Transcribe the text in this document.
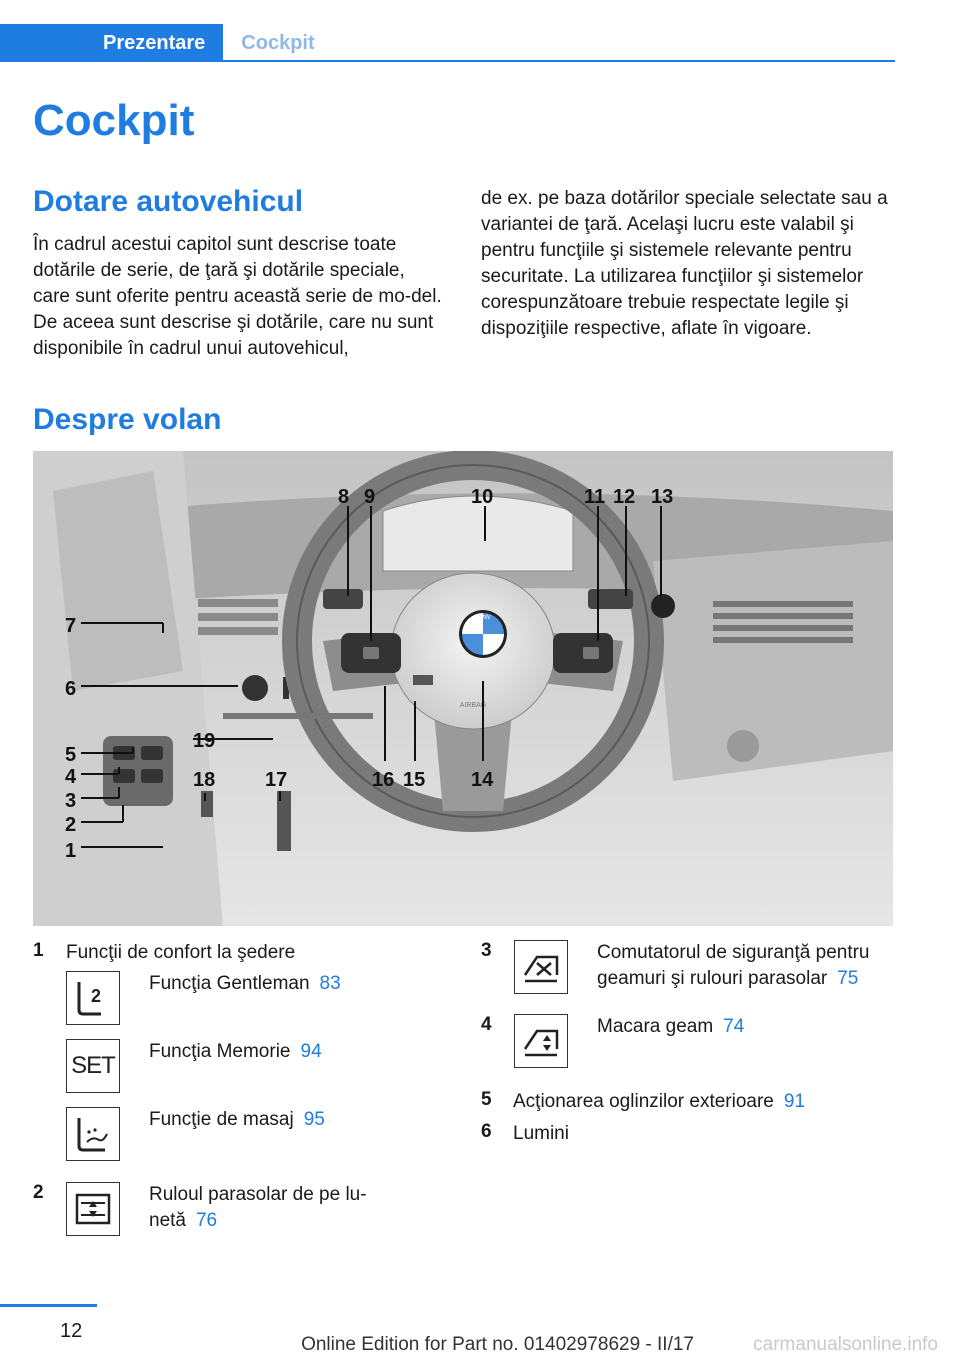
Prezentare	Cockpit
Cockpit
Dotare autovehicul

În cadrul acestui capitol sunt descrise toate dotările de serie, de ţară şi dotările speciale, care sunt oferite pentru această serie de mo‐del. De aceea sunt descrise şi dotările, care nu sunt disponibile în cadrul unui autovehicul,

de ex. pe baza dotărilor speciale selectate sau a variantei de ţară. Acelaşi lucru este valabil şi pentru funcţiile şi sistemele relevante pentru securitate. La utilizarea funcţiilor şi sistemelor corespunzătoare trebuie respectate legile şi dispoziţiile respective, aflate în vigoare.

Despre volan
BMW
AIRBAG
1
2
3
4
5
6
7
8 9	10	11 12 13
14
15
16
17
18
19
1 Funcţii de confort la şedere
2
Funcţia Gentleman 83
SET
Funcţia Memorie 94
Funcţie de masaj 95
2	Ruloul parasolar de pe lu‐netă 76
3	Comutatorul de siguranţă pentru geamuri şi rulouri parasolar 75
4	Macara geam 74
5 Acţionarea oglinzilor exterioare 91
6 Lumini
12
Online Edition for Part no. 01402978629 - II/17	carmanualsonline.info
